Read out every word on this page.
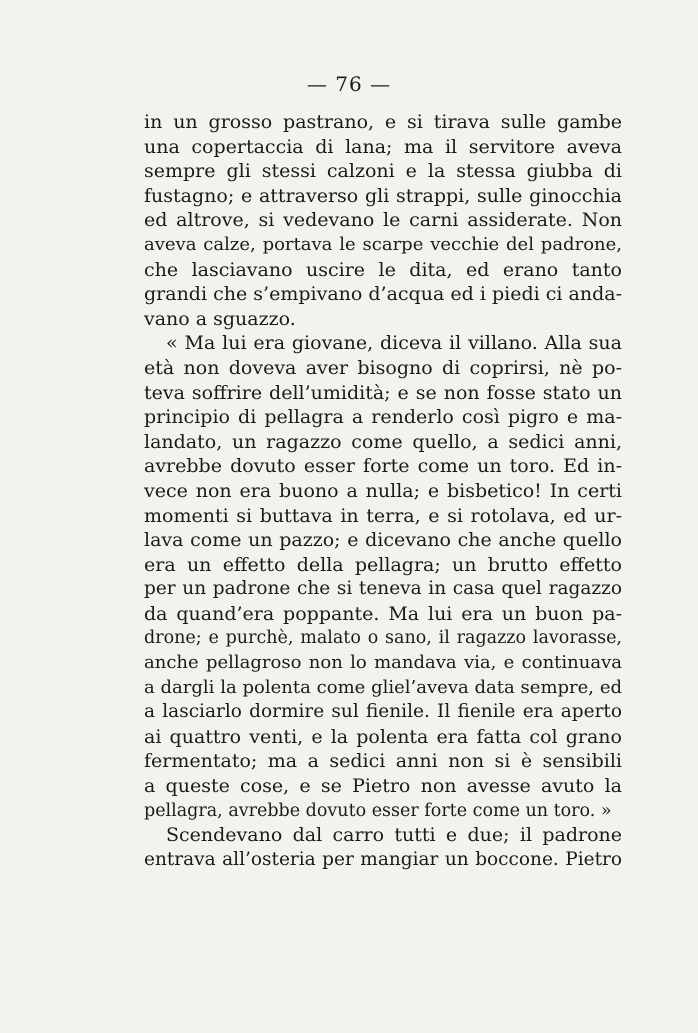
— 76 —
in un grosso pastrano, e si tirava sulle gambe
una copertaccia di lana; ma il servitore aveva
sempre gli stessi calzoni e la stessa giubba di
fustagno; e attraverso gli strappi, sulle ginocchia
ed altrove, si vedevano le carni assiderate. Non
aveva calze, portava le scarpe vecchie del padrone,
che lasciavano uscire le dita, ed erano tanto
grandi che s’empivano d’acqua ed i piedi ci anda-
vano a sguazzo.
« Ma lui era giovane, diceva il villano. Alla sua
età non doveva aver bisogno di coprirsi, nè po-
teva soffrire dell’umidità; e se non fosse stato un
principio di pellagra a renderlo così pigro e ma-
landato, un ragazzo come quello, a sedici anni,
avrebbe dovuto esser forte come un toro. Ed in-
vece non era buono a nulla; e bisbetico! In certi
momenti si buttava in terra, e si rotolava, ed ur-
lava come un pazzo; e dicevano che anche quello
era un effetto della pellagra; un brutto effetto
per un padrone che si teneva in casa quel ragazzo
da quand’era poppante. Ma lui era un buon pa-
drone; e purchè, malato o sano, il ragazzo lavorasse,
anche pellagroso non lo mandava via, e continuava
a dargli la polenta come gliel’aveva data sempre, ed
a lasciarlo dormire sul fienile. Il fienile era aperto
ai quattro venti, e la polenta era fatta col grano
fermentato; ma a sedici anni non si è sensibili
a queste cose, e se Pietro non avesse avuto la
pellagra, avrebbe dovuto esser forte come un toro. »
Scendevano dal carro tutti e due; il padrone
entrava all’osteria per mangiar un boccone. Pietro
